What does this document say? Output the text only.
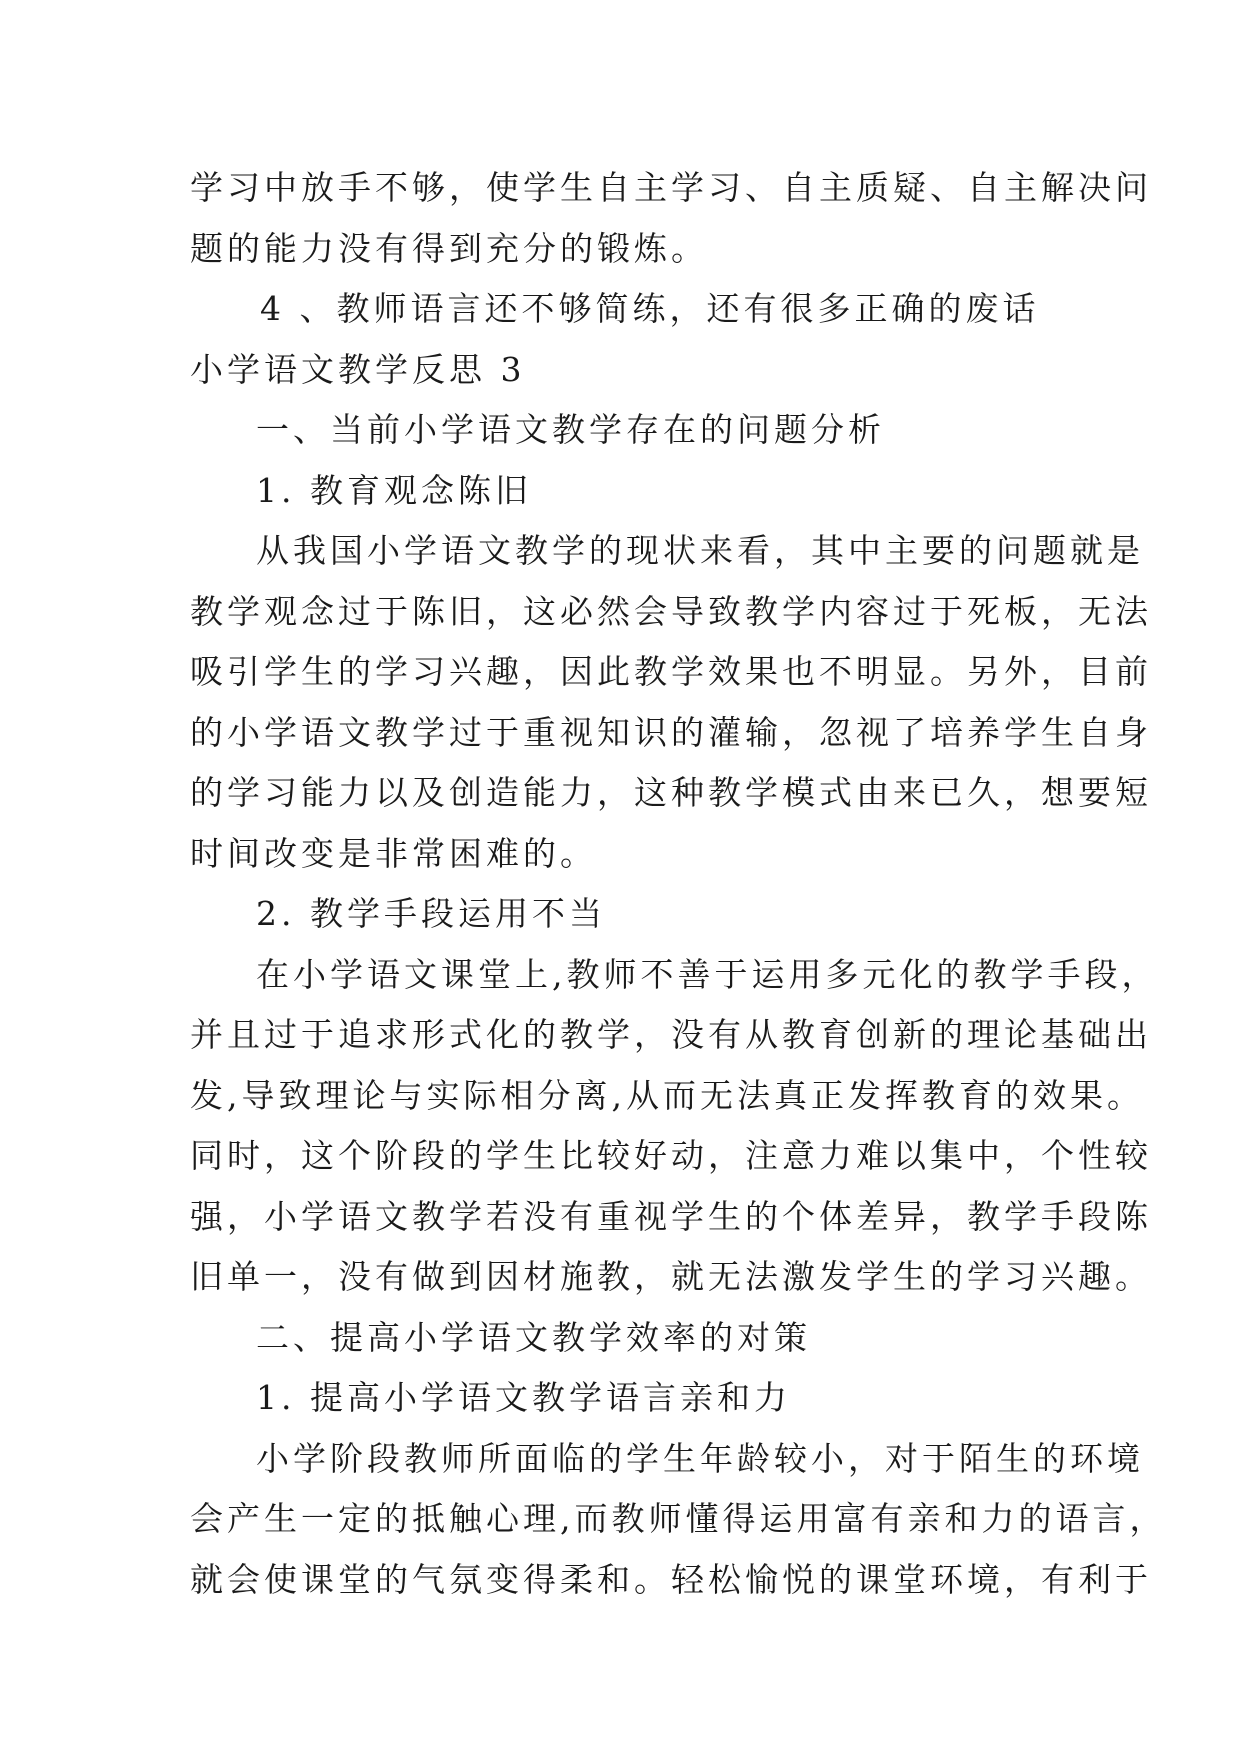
学习中放手不够，使学生自主学习、自主质疑、自主解决问
题的能力没有得到充分的锻炼。
4 、教师语言还不够简练，还有很多正确的废话
小学语文教学反思 3
一、当前小学语文教学存在的问题分析
1. 教育观念陈旧
从我国小学语文教学的现状来看，其中主要的问题就是
教学观念过于陈旧，这必然会导致教学内容过于死板，无法
吸引学生的学习兴趣，因此教学效果也不明显。另外，目前
的小学语文教学过于重视知识的灌输，忽视了培养学生自身
的学习能力以及创造能力，这种教学模式由来已久，想要短
时间改变是非常困难的。
2. 教学手段运用不当
在小学语文课堂上,教师不善于运用多元化的教学手段，
并且过于追求形式化的教学，没有从教育创新的理论基础出
发,导致理论与实际相分离,从而无法真正发挥教育的效果。
同时，这个阶段的学生比较好动，注意力难以集中，个性较
强，小学语文教学若没有重视学生的个体差异，教学手段陈
旧单一，没有做到因材施教，就无法激发学生的学习兴趣。
二、提高小学语文教学效率的对策
1. 提高小学语文教学语言亲和力
小学阶段教师所面临的学生年龄较小，对于陌生的环境
会产生一定的抵触心理,而教师懂得运用富有亲和力的语言，
就会使课堂的气氛变得柔和。轻松愉悦的课堂环境，有利于
